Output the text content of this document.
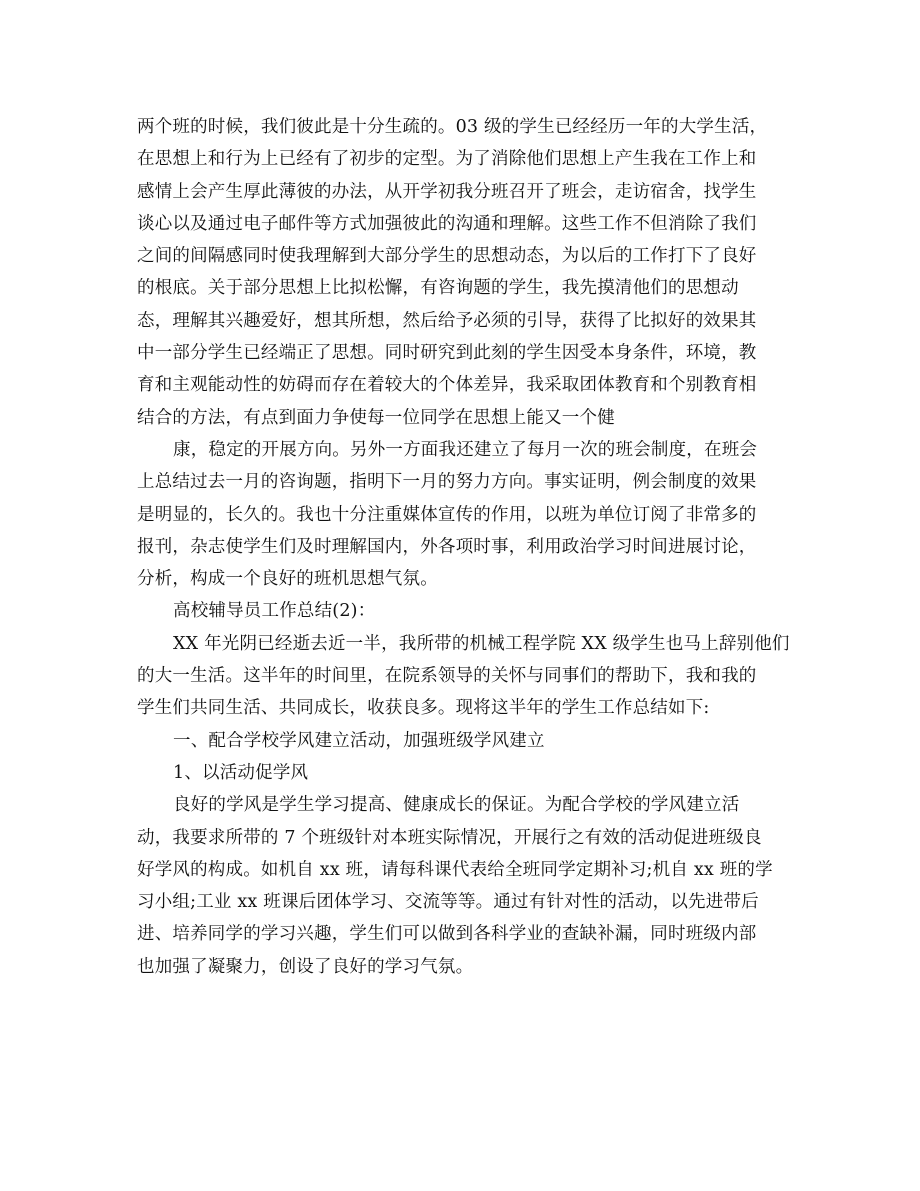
zixin.com.cn
两个班的时候，我们彼此是十分生疏的。03 级的学生已经经历一年的大学生活，
在思想上和行为上已经有了初步的定型。为了消除他们思想上产生我在工作上和
感情上会产生厚此薄彼的办法，从开学初我分班召开了班会，走访宿舍，找学生
谈心以及通过电子邮件等方式加强彼此的沟通和理解。这些工作不但消除了我们
之间的间隔感同时使我理解到大部分学生的思想动态，为以后的工作打下了良好
的根底。关于部分思想上比拟松懈，有咨询题的学生，我先摸清他们的思想动
态，理解其兴趣爱好，想其所想，然后给予必须的引导，获得了比拟好的效果其
中一部分学生已经端正了思想。同时研究到此刻的学生因受本身条件，环境，教
育和主观能动性的妨碍而存在着较大的个体差异，我采取团体教育和个别教育相
结合的方法，有点到面力争使每一位同学在思想上能又一个健
康，稳定的开展方向。另外一方面我还建立了每月一次的班会制度，在班会
上总结过去一月的咨询题，指明下一月的努力方向。事实证明，例会制度的效果
是明显的，长久的。我也十分注重媒体宣传的作用，以班为单位订阅了非常多的
报刊，杂志使学生们及时理解国内，外各项时事，利用政治学习时间进展讨论，
分析，构成一个良好的班机思想气氛。
高校辅导员工作总结(2)：
XX 年光阴已经逝去近一半，我所带的机械工程学院 XX 级学生也马上辞别他们
的大一生活。这半年的时间里，在院系领导的关怀与同事们的帮助下，我和我的
学生们共同生活、共同成长，收获良多。现将这半年的学生工作总结如下:
一、配合学校学风建立活动，加强班级学风建立
1、以活动促学风
良好的学风是学生学习提高、健康成长的保证。为配合学校的学风建立活
动，我要求所带的 7 个班级针对本班实际情况，开展行之有效的活动促进班级良
好学风的构成。如机自 xx 班，请每科课代表给全班同学定期补习;机自 xx 班的学
习小组;工业 xx 班课后团体学习、交流等等。通过有针对性的活动，以先进带后
进、培养同学的学习兴趣，学生们可以做到各科学业的查缺补漏，同时班级内部
也加强了凝聚力，创设了良好的学习气氛。
